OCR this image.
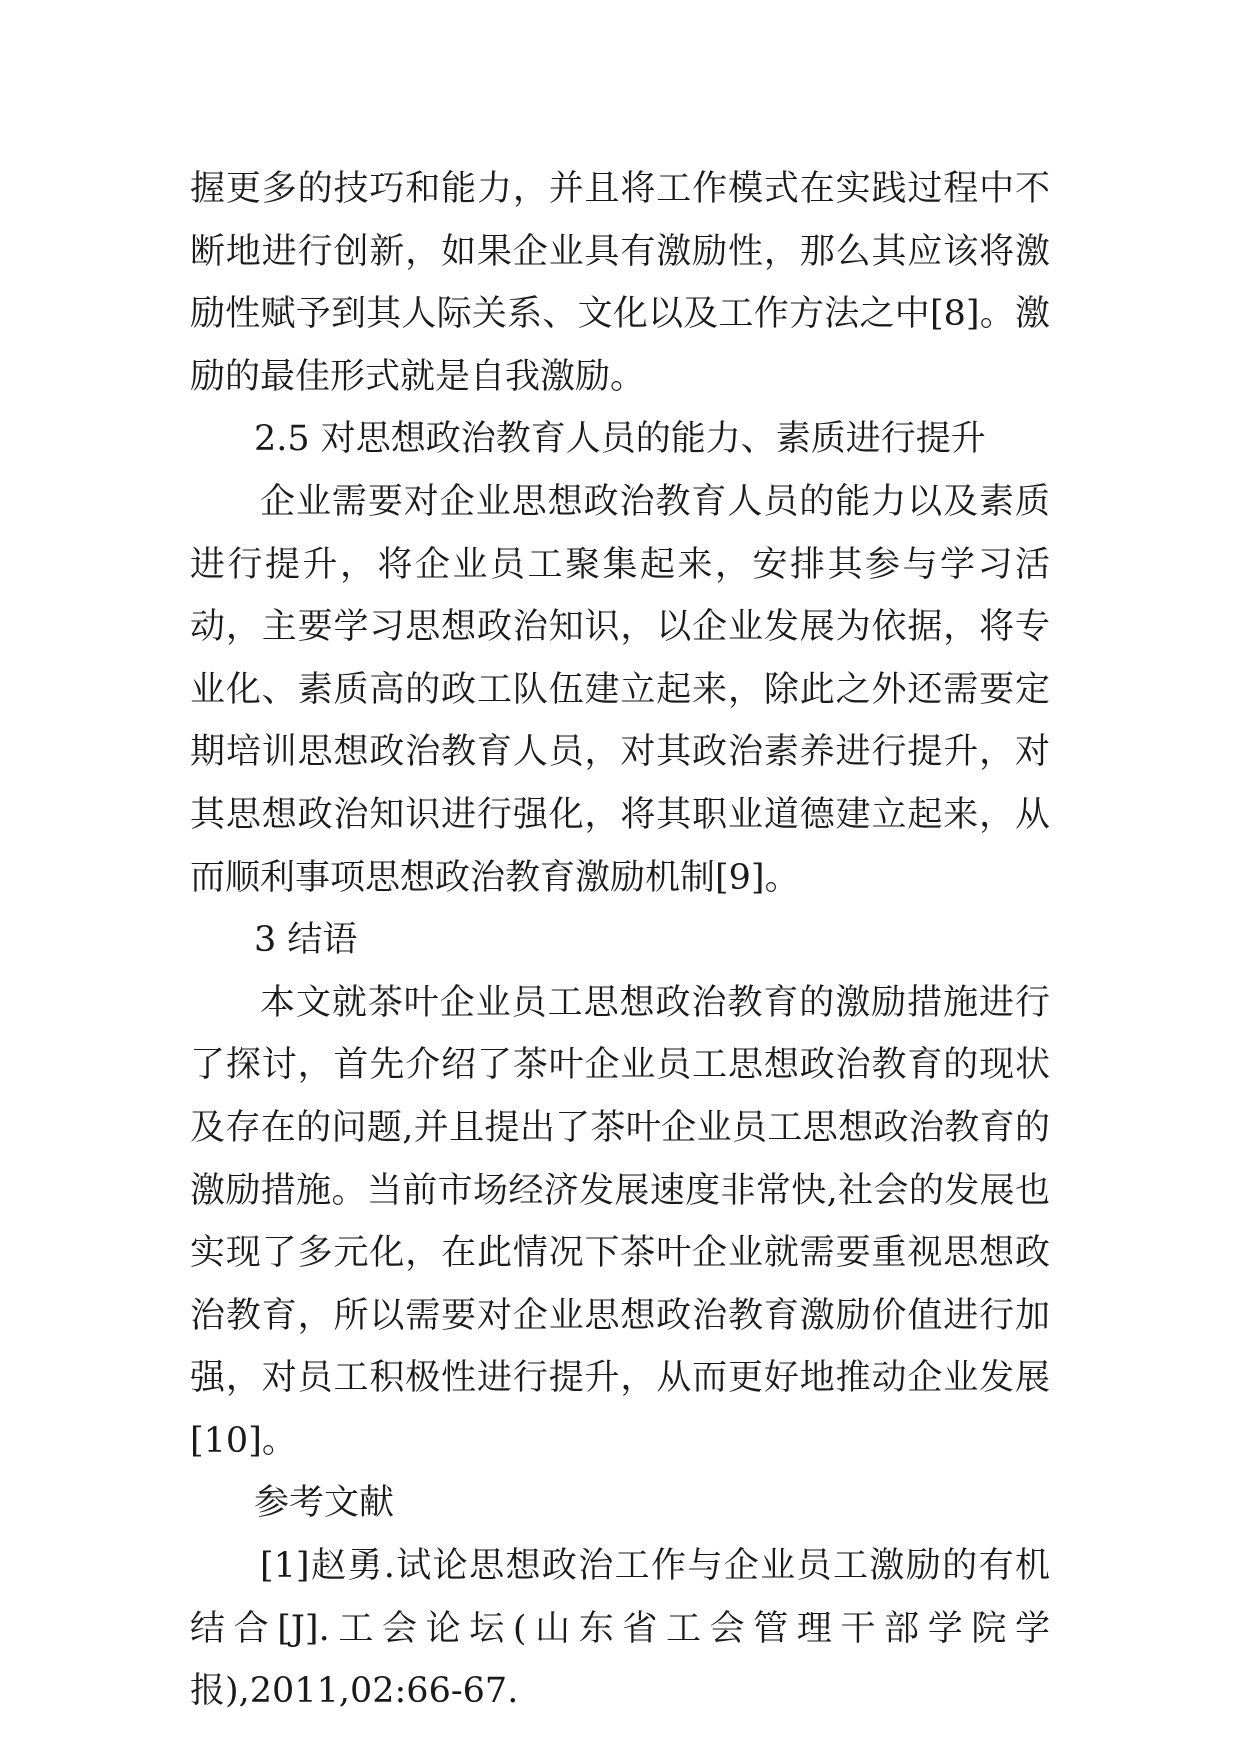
握更多的技巧和能力，并且将工作模式在实践过程中不断地进行创新，如果企业具有激励性，那么其应该将激励性赋予到其人际关系、文化以及工作方法之中[8]。激励的最佳形式就是自我激励。

2.5 对思想政治教育人员的能力、素质进行提升

企业需要对企业思想政治教育人员的能力以及素质进行提升，将企业员工聚集起来，安排其参与学习活动，主要学习思想政治知识，以企业发展为依据，将专业化、素质高的政工队伍建立起来，除此之外还需要定期培训思想政治教育人员，对其政治素养进行提升，对其思想政治知识进行强化，将其职业道德建立起来，从而顺利事项思想政治教育激励机制[9]。

3 结语

本文就茶叶企业员工思想政治教育的激励措施进行了探讨，首先介绍了茶叶企业员工思想政治教育的现状及存在的问题,并且提出了茶叶企业员工思想政治教育的激励措施。当前市场经济发展速度非常快,社会的发展也实现了多元化，在此情况下茶叶企业就需要重视思想政治教育，所以需要对企业思想政治教育激励价值进行加强，对员工积极性进行提升，从而更好地推动企业发展[10]。

参考文献

[1]赵勇.试论思想政治工作与企业员工激励的有机结合[J].工会论坛(山东省工会管理干部学院学报),2011,02:66-67.
